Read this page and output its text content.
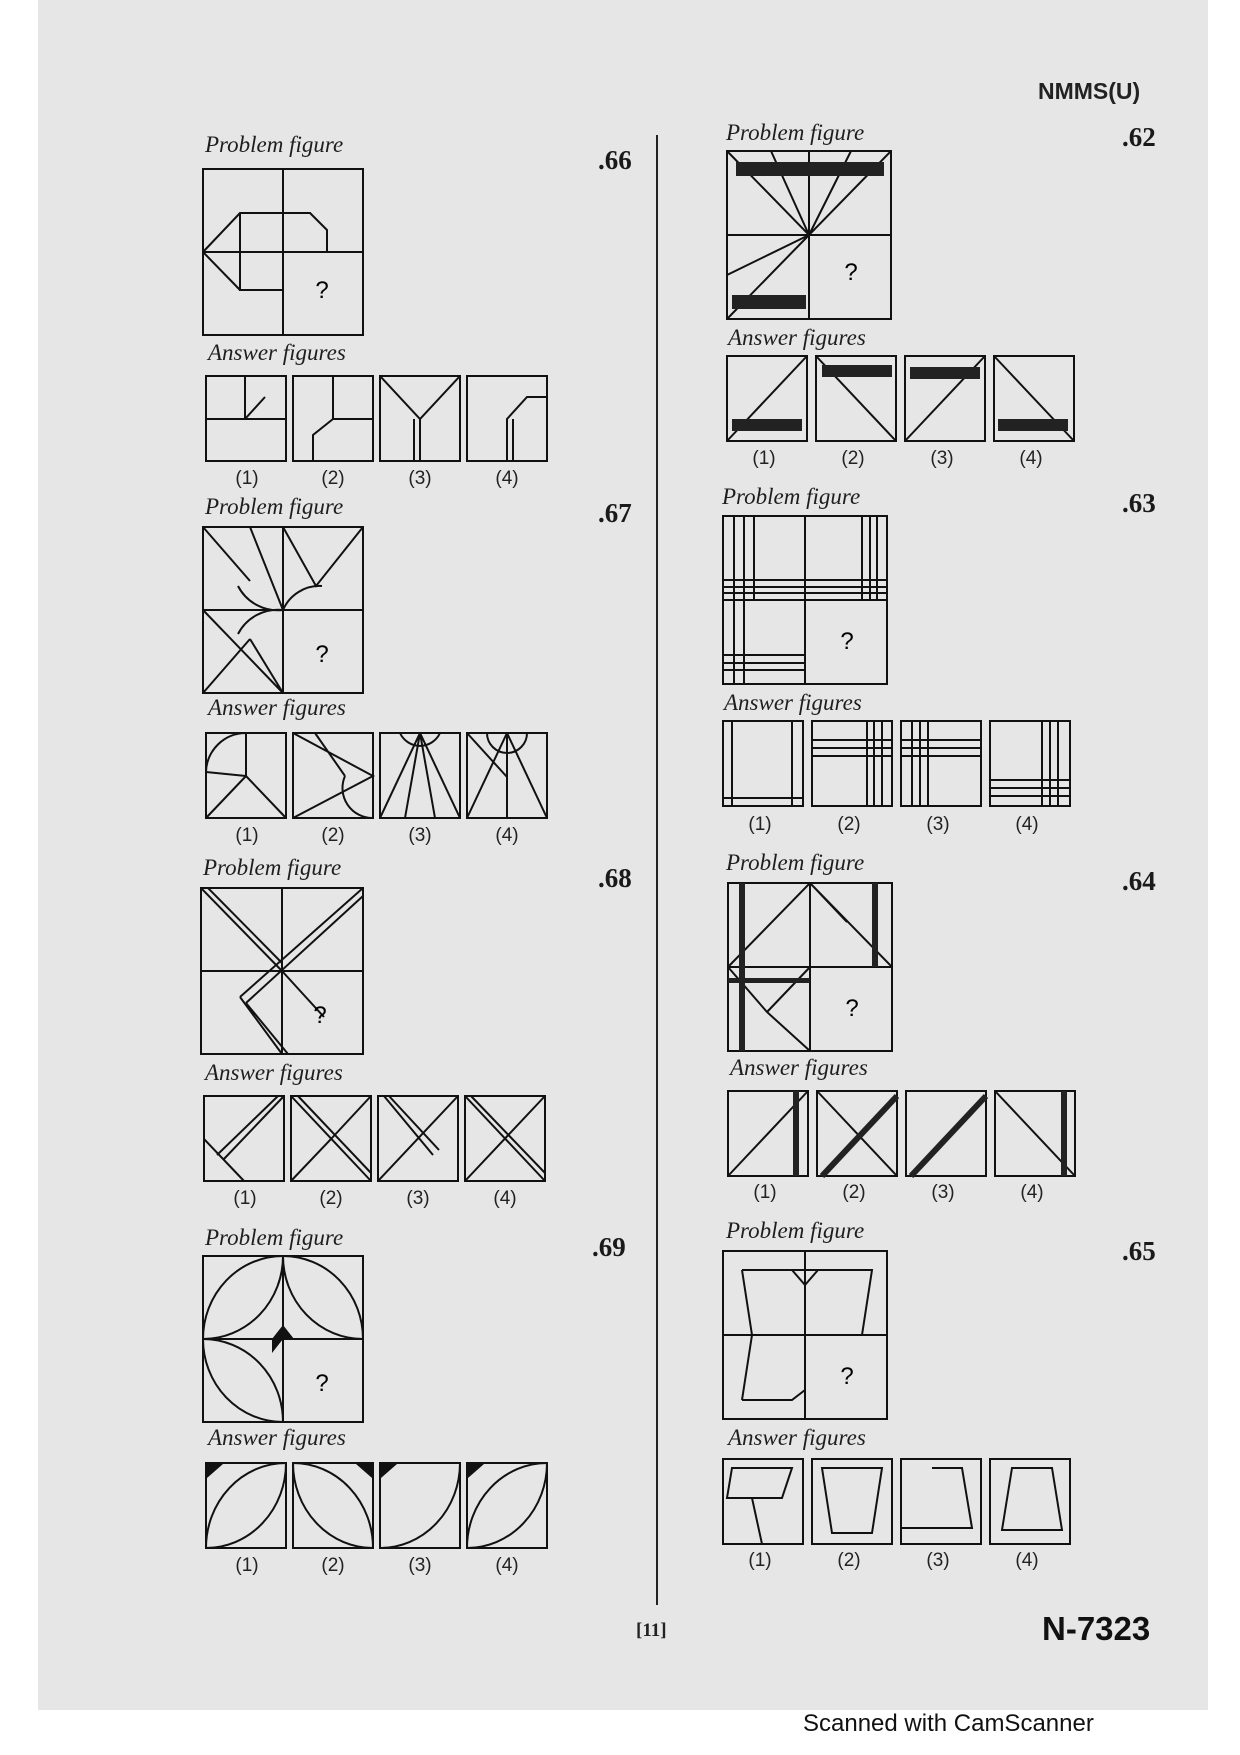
NMMS(U)
Problem figure
.66
?
Answer figures
(1)	(2)	(3)	(4)
Problem figure	.67
?
Answer figures
(1)	(2)	(3)	(4)
Problem figure	.68
?
Answer figures
(1)	(2)	(3)	(4)
Problem figure	.69
?
Answer figures
(1)	(2)	(3)	(4)
Problem figure	.62
?
Answer figures
(1)	(2)	(3)	(4)
Problem figure	.63
?
Answer figures
(1)	(2)	(3)	(4)
Problem figure
.64
?
Answer figures
(1)	(2)	(3)	(4)
Problem figure
.65
?
Answer figures
(1)	(2)	(3)	(4)
[11]	N-7323
Scanned with CamScanner
